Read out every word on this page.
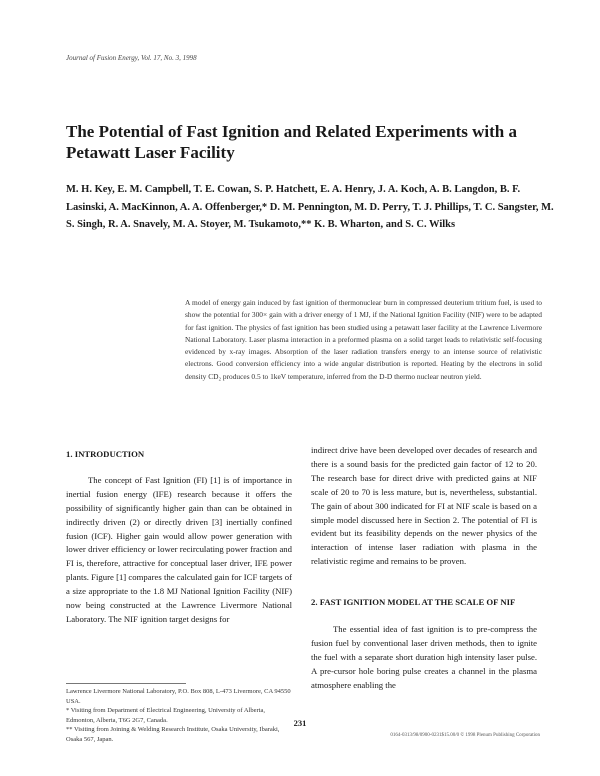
Journal of Fusion Energy, Vol. 17, No. 3, 1998
The Potential of Fast Ignition and Related Experiments with a Petawatt Laser Facility
M. H. Key, E. M. Campbell, T. E. Cowan, S. P. Hatchett, E. A. Henry, J. A. Koch, A. B. Langdon, B. F. Lasinski, A. MacKinnon, A. A. Offenberger,* D. M. Pennington, M. D. Perry, T. J. Phillips, T. C. Sangster, M. S. Singh, R. A. Snavely, M. A. Stoyer, M. Tsukamoto,** K. B. Wharton, and S. C. Wilks
A model of energy gain induced by fast ignition of thermonuclear burn in compressed deuterium tritium fuel, is used to show the potential for 300× gain with a driver energy of 1 MJ, if the National Ignition Facility (NIF) were to be adapted for fast ignition. The physics of fast ignition has been studied using a petawatt laser facility at the Lawrence Livermore National Laboratory. Laser plasma interaction in a preformed plasma on a solid target leads to relativistic self-focusing evidenced by x-ray images. Absorption of the laser radiation transfers energy to an intense source of relativistic electrons. Good conversion efficiency into a wide angular distribution is reported. Heating by the electrons in solid density CD₂ produces 0.5 to 1keV temperature, inferred from the D-D thermo nuclear neutron yield.
1. INTRODUCTION

The concept of Fast Ignition (FI) [1] is of importance in inertial fusion energy (IFE) research because it offers the possibility of significantly higher gain than can be obtained in indirectly driven (2) or directly driven [3] inertially confined fusion (ICF). Higher gain would allow power generation with lower driver efficiency or lower recirculating power fraction and FI is, therefore, attractive for conceptual laser driver, IFE power plants. Figure [1] compares the calculated gain for ICF targets of a size appropriate to the 1.8 MJ National Ignition Facility (NIF) now being constructed at the Lawrence Livermore National Laboratory. The NIF ignition target designs for

indirect drive have been developed over decades of research and there is a sound basis for the predicted gain factor of 12 to 20. The research base for direct drive with predicted gains at NIF scale of 20 to 70 is less mature, but is, nevertheless, substantial. The gain of about 300 indicated for FI at NIF scale is based on a simple model discussed here in Section 2. The potential of FI is evident but its feasibility depends on the newer physics of the interaction of intense laser radiation with plasma in the relativistic regime and remains to be proven.

2. FAST IGNITION MODEL AT THE SCALE OF NIF

The essential idea of fast ignition is to pre-compress the fusion fuel by conventional laser driven methods, then to ignite the fuel with a separate short duration high intensity laser pulse. A pre-cursor hole boring pulse creates a channel in the plasma atmosphere enabling the

Lawrence Livermore National Laboratory, P.O. Box 808, L-473 Livermore, CA 94550 USA.
* Visiting from Department of Electrical Engineering, University of Alberta, Edmonton, Alberta, T6G 2G7, Canada.
** Visiting from Joining & Welding Research Institute, Osaka University, Ibaraki, Osaka 567, Japan.
231
0164-0313/98/0900-0231$15.00/0 © 1998 Plenum Publishing Corporation
